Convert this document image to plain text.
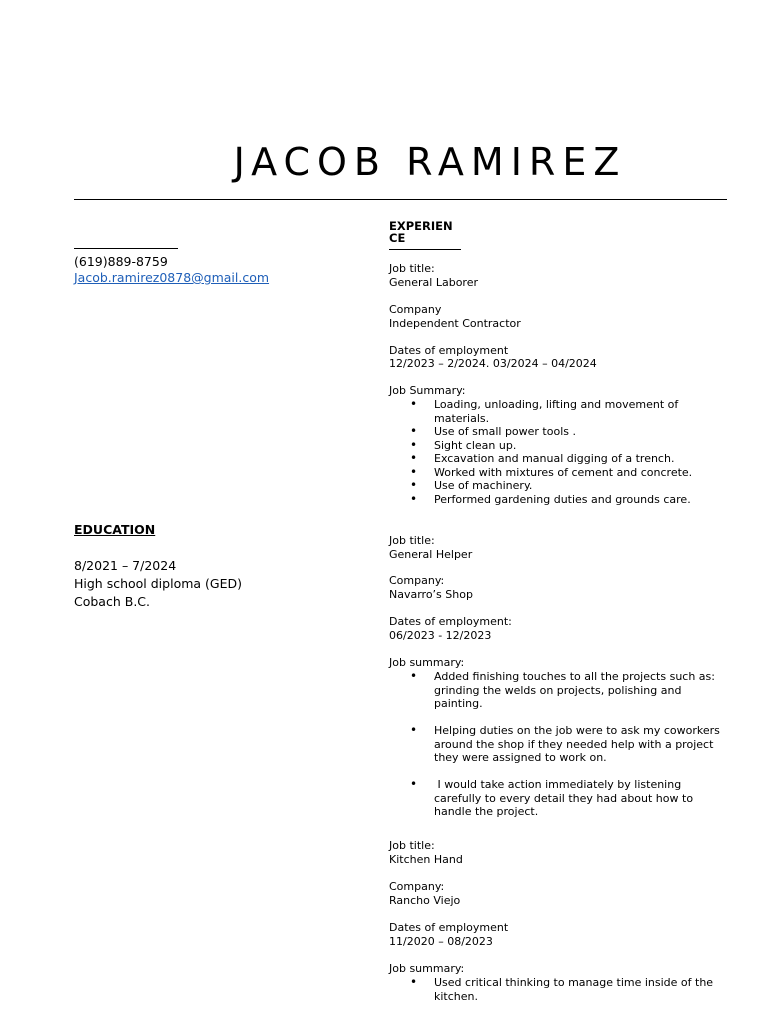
JACOB RAMIREZ
(619)889-8759
Jacob.ramirez0878@gmail.com
EDUCATION
8/2021 – 7/2024
High school diploma (GED)
Cobach B.C.
EXPERIENCE
Job title:
General Laborer
Company
Independent Contractor
Dates of employment
12/2023 – 2/2024. 03/2024 – 04/2024
Job Summary:
• Loading, unloading, lifting and movement of materials.
• Use of small power tools .
• Sight clean up.
• Excavation and manual digging of a trench.
• Worked with mixtures of cement and concrete.
• Use of machinery.
• Performed gardening duties and grounds care.
Job title:
General Helper
Company:
Navarro’s Shop
Dates of employment:
06/2023 - 12/2023
Job summary:
• Added finishing touches to all the projects such as: grinding the welds on projects, polishing and painting.
• Helping duties on the job were to ask my coworkers around the shop if they needed help with a project they were assigned to work on.
•  I would take action immediately by listening carefully to every detail they had about how to handle the project.
Job title:
Kitchen Hand
Company:
Rancho Viejo
Dates of employment
11/2020 – 08/2023
Job summary:
• Used critical thinking to manage time inside of the kitchen.
